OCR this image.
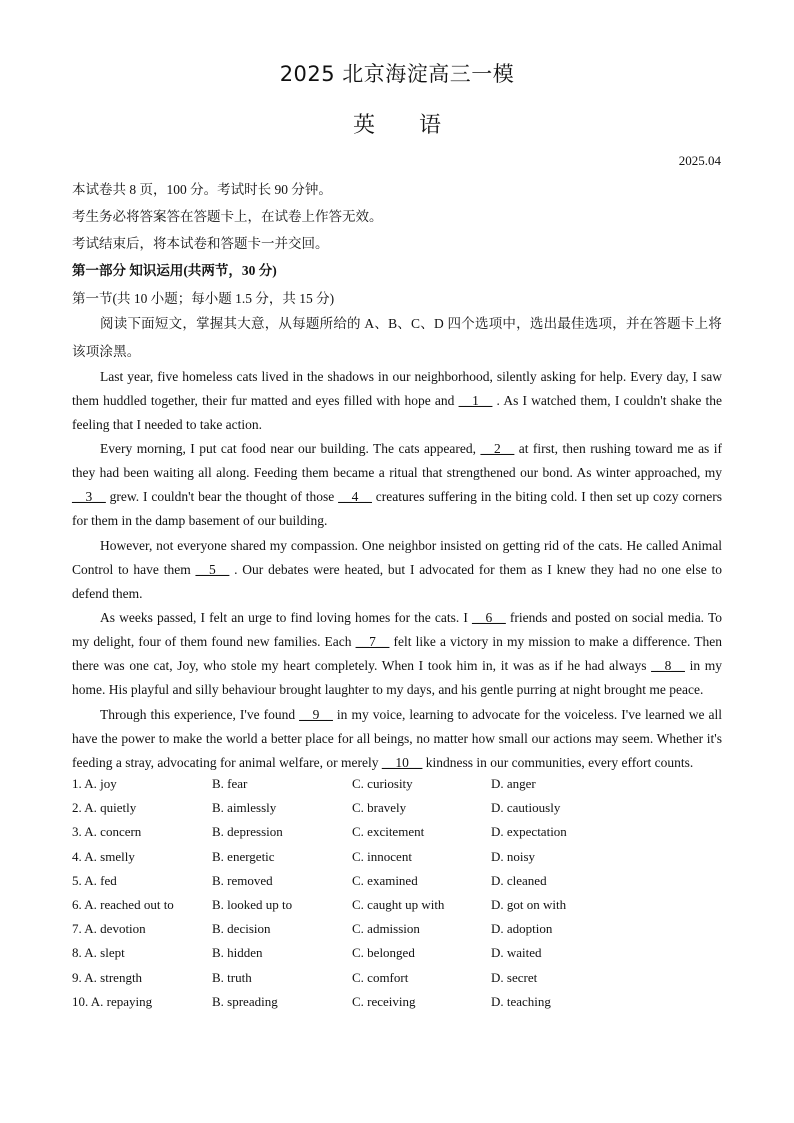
2025 北京海淀高三一模
英语
2025.04
本试卷共 8 页，100 分。考试时长 90 分钟。
考生务必将答案答在答题卡上，在试卷上作答无效。
考试结束后，将本试卷和答题卡一并交回。
第一部分 知识运用(共两节，30 分)
第一节(共 10 小题；每小题 1.5 分，共 15 分)
阅读下面短文，掌握其大意，从每题所给的 A、B、C、D 四个选项中，选出最佳选项，并在答题卡上将该项涂黑。
Last year, five homeless cats lived in the shadows in our neighborhood, silently asking for help. Every day, I saw them huddled together, their fur matted and eyes filled with hope and __1__ . As I watched them, I couldn't shake the feeling that I needed to take action.
Every morning, I put cat food near our building. The cats appeared, __2__ at first, then rushing toward me as if they had been waiting all along. Feeding them became a ritual that strengthened our bond. As winter approached, my __3__ grew. I couldn't bear the thought of those __4__ creatures suffering in the biting cold. I then set up cozy corners for them in the damp basement of our building.
However, not everyone shared my compassion. One neighbor insisted on getting rid of the cats. He called Animal Control to have them __5__ . Our debates were heated, but I advocated for them as I knew they had no one else to defend them.
As weeks passed, I felt an urge to find loving homes for the cats. I __6__ friends and posted on social media. To my delight, four of them found new families. Each __7__ felt like a victory in my mission to make a difference. Then there was one cat, Joy, who stole my heart completely. When I took him in, it was as if he had always __8__ in my home. His playful and silly behaviour brought laughter to my days, and his gentle purring at night brought me peace.
Through this experience, I've found __9__ in my voice, learning to advocate for the voiceless. I've learned we all have the power to make the world a better place for all beings, no matter how small our actions may seem. Whether it's feeding a stray, advocating for animal welfare, or merely __10__ kindness in our communities, every effort counts.
1. A. joy	B. fear	C. curiosity	D. anger
2. A. quietly	B. aimlessly	C. bravely	D. cautiously
3. A. concern	B. depression	C. excitement	D. expectation
4. A. smelly	B. energetic	C. innocent	D. noisy
5. A. fed	B. removed	C. examined	D. cleaned
6. A. reached out to	B. looked up to	C. caught up with	D. got on with
7. A. devotion	B. decision	C. admission	D. adoption
8. A. slept	B. hidden	C. belonged	D. waited
9. A. strength	B. truth	C. comfort	D. secret
10. A. repaying	B. spreading	C. receiving	D. teaching
